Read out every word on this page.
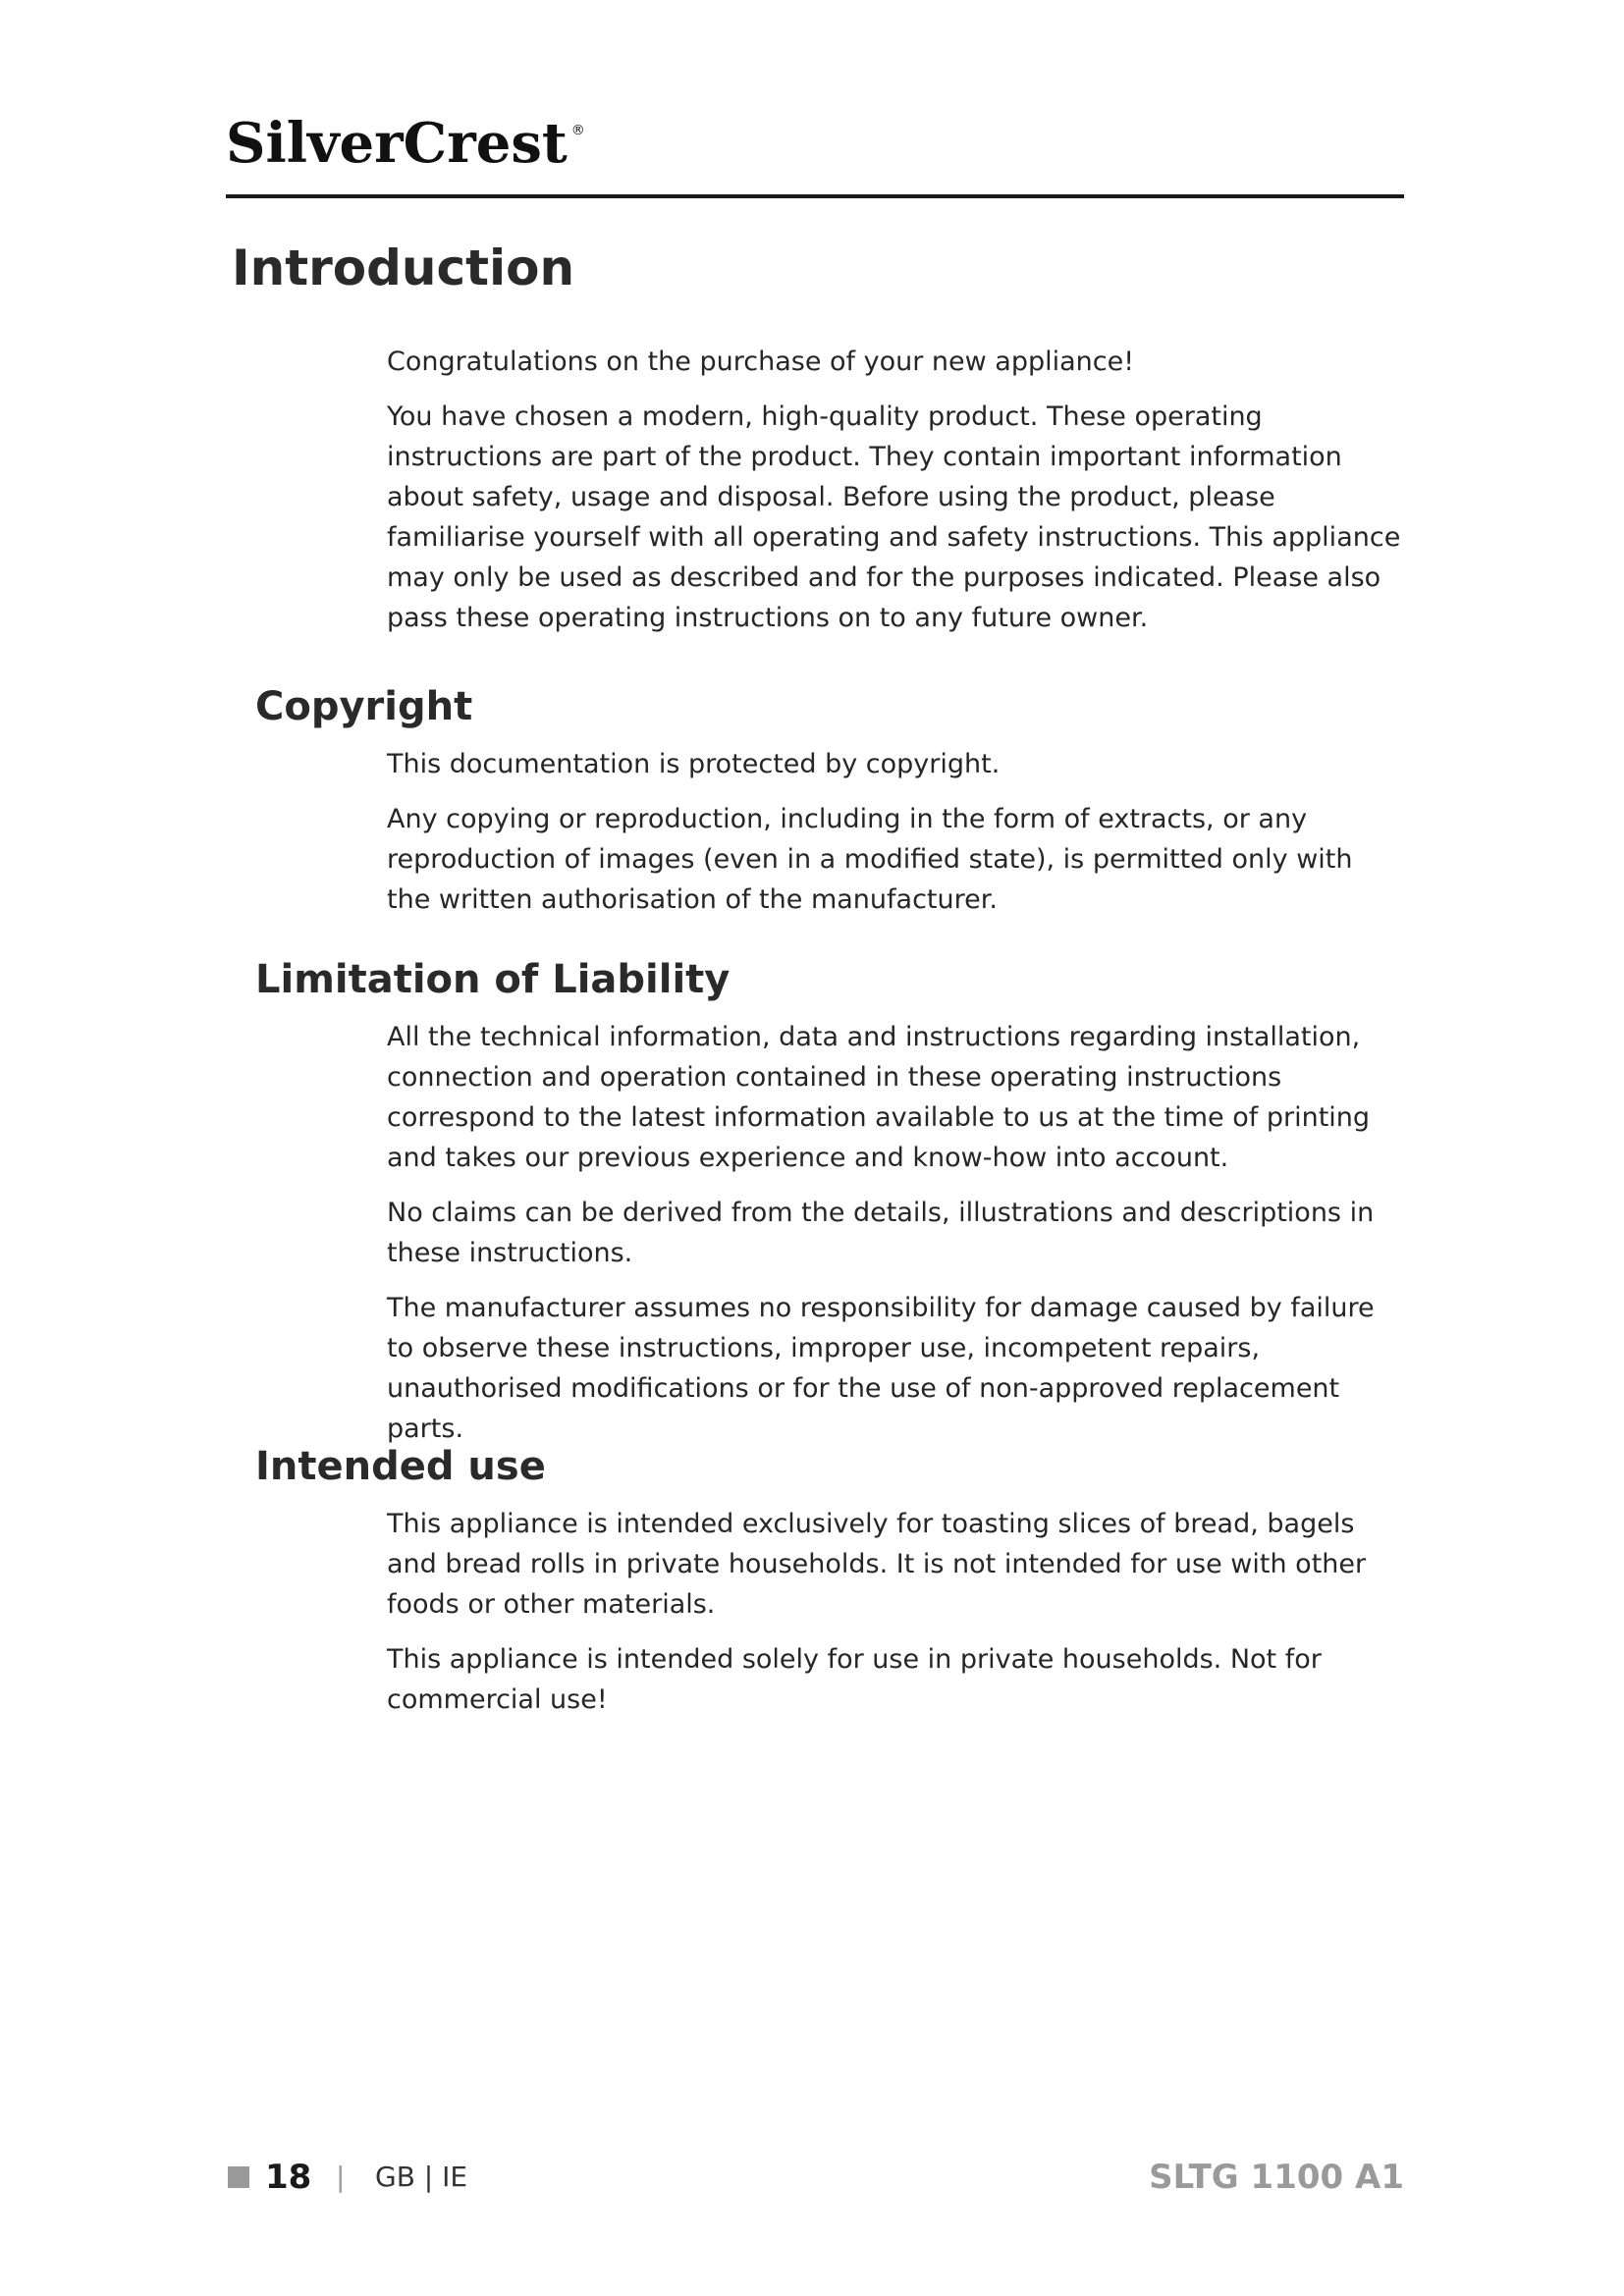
SilverCrest ®
Introduction

Congratulations on the purchase of your new appliance!

You have chosen a modern, high-quality product. These operating instructions are part of the product. They contain important information about safety, usage and disposal. Before using the product, please familiarise yourself with all operating and safety instructions. This appliance may only be used as described and for the purposes indicated. Please also pass these operating instructions on to any future owner.

Copyright

This documentation is protected by copyright.

Any copying or reproduction, including in the form of extracts, or any reproduction of images (even in a modified state), is permitted only with the written authorisation of the manufacturer.

Limitation of Liability

All the technical information, data and instructions regarding installation, connection and operation contained in these operating instructions correspond to the latest information available to us at the time of printing and takes our previous experience and know-how into account.

No claims can be derived from the details, illustrations and descriptions in these instructions.

The manufacturer assumes no responsibility for damage caused by failure to observe these instructions, improper use, incompetent repairs, unauthorised modifications or for the use of non-approved replacement parts.

Intended use

This appliance is intended exclusively for toasting slices of bread, bagels and bread rolls in private households. It is not intended for use with other foods or other materials.

This appliance is intended solely for use in private households. Not for commercial use!

18 | GB | IE	SLTG 1100 A1
